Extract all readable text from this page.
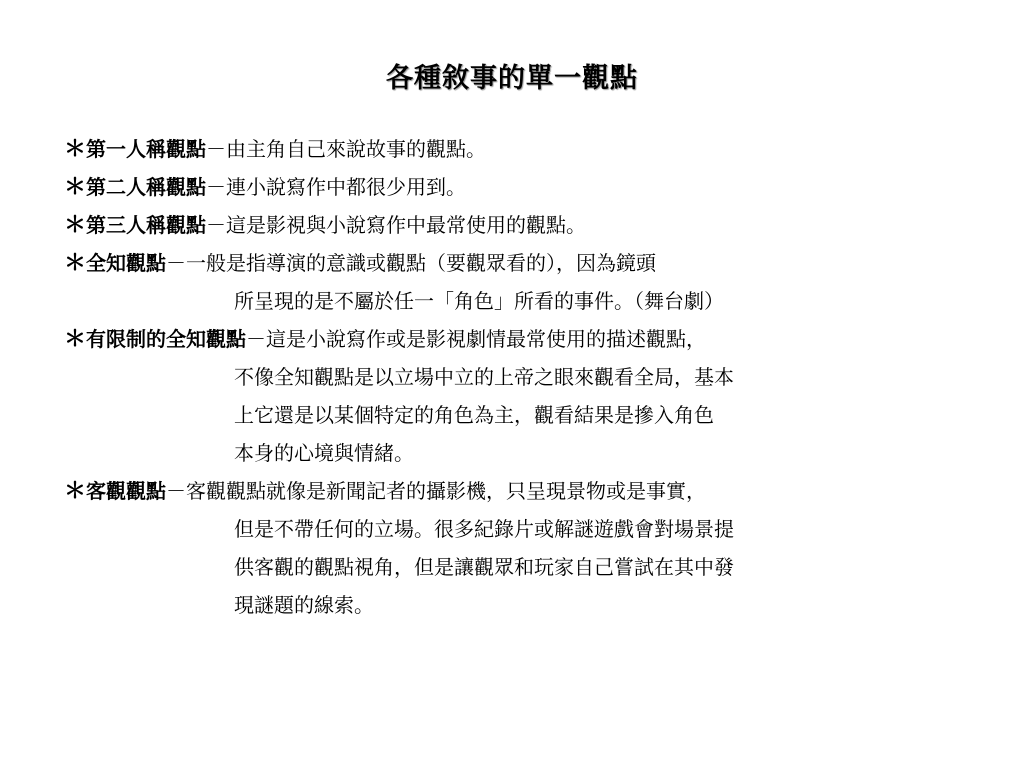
各種敘事的單一觀點
＊第一人稱觀點－由主角自己來說故事的觀點。
＊第二人稱觀點－連小說寫作中都很少用到。
＊第三人稱觀點－這是影視與小說寫作中最常使用的觀點。
＊全知觀點－一般是指導演的意識或觀點（要觀眾看的），因為鏡頭
所呈現的是不屬於任一「角色」所看的事件。（舞台劇）
＊有限制的全知觀點－這是小說寫作或是影視劇情最常使用的描述觀點，
不像全知觀點是以立場中立的上帝之眼來觀看全局，基本
上它還是以某個特定的角色為主，觀看結果是摻入角色
本身的心境與情緒。
＊客觀觀點－客觀觀點就像是新聞記者的攝影機，只呈現景物或是事實，
但是不帶任何的立場。很多紀錄片或解謎遊戲會對場景提
供客觀的觀點視角，但是讓觀眾和玩家自己嘗試在其中發
現謎題的線索。
